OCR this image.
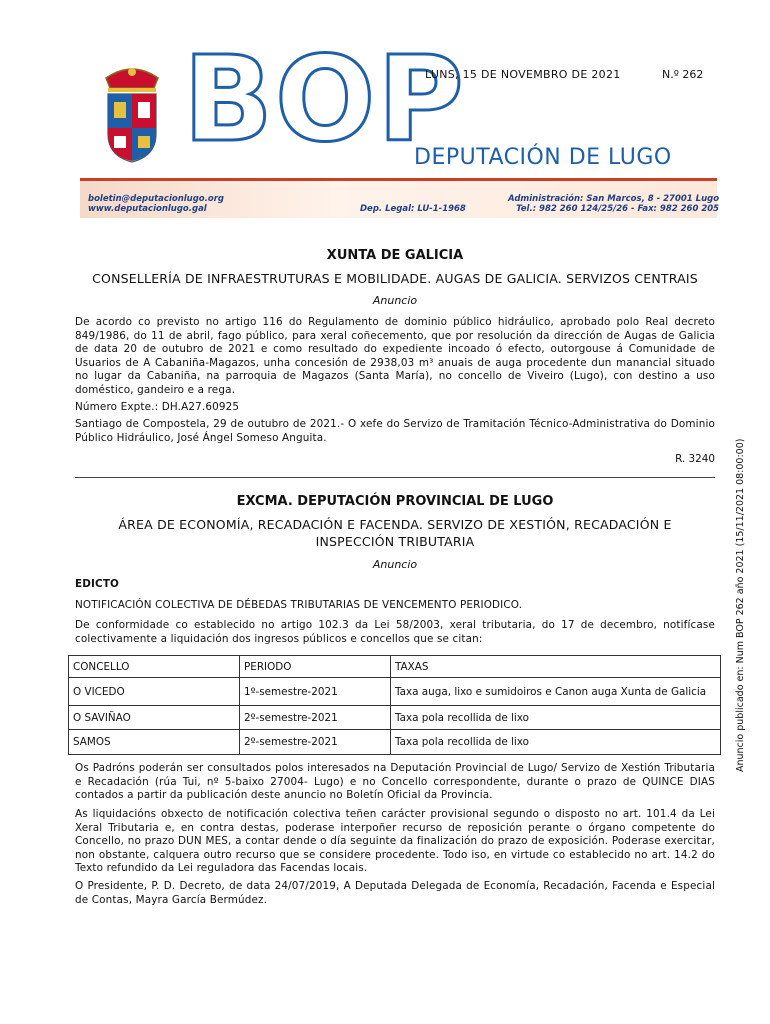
BOP
LUNS, 15 DE NOVEMBRO DE 2021	N.º 262
DEPUTACIÓN DE LUGO
boletin@deputacionlugo.org
www.deputacionlugo.gal	Dep. Legal: LU-1-1968
Administración: San Marcos, 8 - 27001 Lugo
Tel.: 982 260 124/25/26 - Fax: 982 260 205
Anuncio publicado en: Num BOP 262 año 2021 (15/11/2021 08:00:00)
XUNTA DE GALICIA
CONSELLERÍA DE INFRAESTRUTURAS E MOBILIDADE. AUGAS DE GALICIA. SERVIZOS CENTRAIS
Anuncio
De acordo co previsto no artigo 116 do Regulamento de dominio público hidráulico, aprobado polo Real decreto 849/1986, do 11 de abril, fago público, para xeral coñecemento, que por resolución da dirección de Augas de Galicia de data 20 de outubro de 2021 e como resultado do expediente incoado ó efecto, outorgouse á Comunidade de Usuarios de A Cabaniña-Magazos, unha concesión de 2938,03 m³ anuais de auga procedente dun manancial situado no lugar da Cabaniña, na parroquia de Magazos (Santa María), no concello de Viveiro (Lugo), con destino a uso doméstico, gandeiro e a rega.
Número Expte.: DH.A27.60925
Santiago de Compostela, 29 de outubro de 2021.- O xefe do Servizo de Tramitación Técnico-Administrativa do Dominio Público Hidráulico, José Ángel Someso Anguita.
R. 3240
EXCMA. DEPUTACIÓN PROVINCIAL DE LUGO
ÁREA DE ECONOMÍA, RECADACIÓN E FACENDA. SERVIZO DE XESTIÓN, RECADACIÓN E
INSPECCIÓN TRIBUTARIA
Anuncio
EDICTO
NOTIFICACIÓN COLECTIVA DE DÉBEDAS TRIBUTARIAS DE VENCEMENTO PERIODICO.
De conformidade co establecido no artigo 102.3 da Lei 58/2003, xeral tributaria, do 17 de decembro, notifícase colectivamente a liquidación dos ingresos públicos e concellos que se citan:
CONCELLO	PERIODO	TAXAS
O VICEDO	1º-semestre-2021	Taxa auga, lixo e sumidoiros e Canon auga Xunta de Galicia
O SAVIÑAO	2º-semestre-2021	Taxa pola recollida de lixo
SAMOS	2º-semestre-2021	Taxa pola recollida de lixo
Os Padróns poderán ser consultados polos interesados na Deputación Provincial de Lugo/ Servizo de Xestión Tributaria e Recadación (rúa Tui, nº 5-baixo 27004- Lugo) e no Concello correspondente, durante o prazo de QUINCE DIAS contados a partir da publicación deste anuncio no Boletín Oficial da Provincia.
As liquidacións obxecto de notificación colectiva teñen carácter provisional segundo o disposto no art. 101.4 da Lei Xeral Tributaria e, en contra destas, poderase interpoñer recurso de reposición perante o órgano competente do Concello, no prazo DUN MES, a contar dende o día seguinte da finalización do prazo de exposición. Poderase exercitar, non obstante, calquera outro recurso que se considere procedente. Todo iso, en virtude co establecido no art. 14.2 do Texto refundido da Lei reguladora das Facendas locais.
O Presidente, P. D. Decreto, de data 24/07/2019, A Deputada Delegada de Economía, Recadación, Facenda e Especial de Contas, Mayra García Bermúdez.
